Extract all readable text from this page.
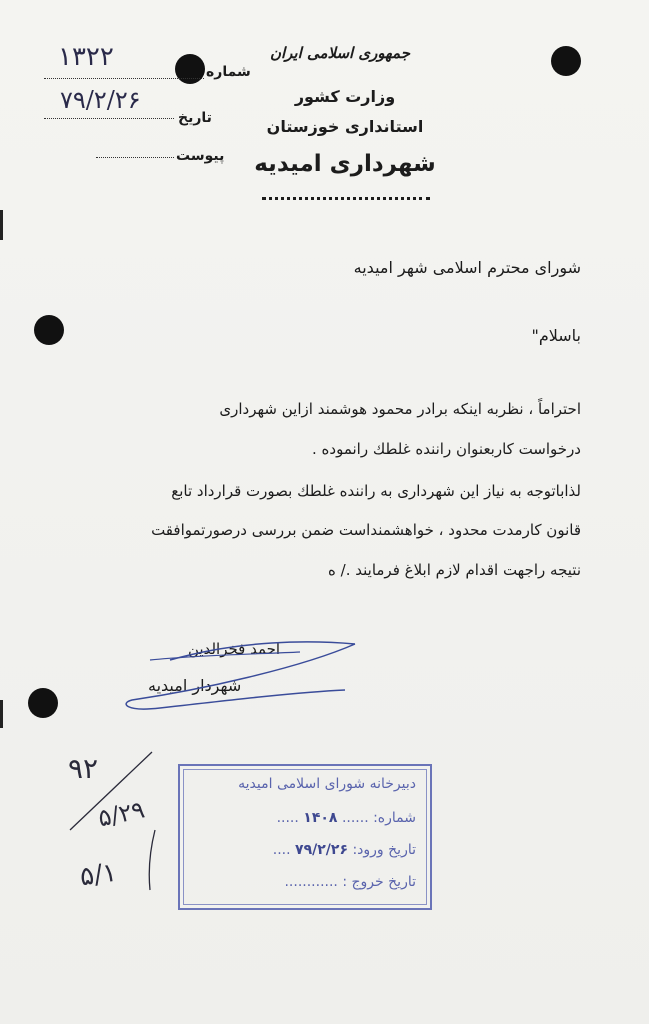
جمهوری اسلامی ایران
وزارت کشور
استانداری خوزستان
شهرداری امیدیه
شماره
۱۳۲۲
تاریخ
۷۹/۲/۲۶
پیوست
شورای محترم اسلامی شهر امیدیه
باسلام"
احتراماً ، نظربه اینکه برادر محمود هوشمند ازاین شهرداری
درخواست کاربعنوان راننده غلطك رانموده .
لذاباتوجه به نیاز این شهرداری به راننده غلطك بصورت قرارداد تابع
قانون کارمدت محدود ، خواهشمنداست ضمن بررسی درصورتموافقت
نتیجه راجهت اقدام لازم ابلاغ فرمایند ./ ه
احمد فخرالدین
شهردار امیدیه
۹۲
۵/۲۹
۵/۱
دبیرخانه شورای اسلامی امیدیه
شماره: ...... ۱۴۰۸ .....
تاریخ ورود: ۷۹/۲/۲۶ ....
تاریخ خروج : ............
